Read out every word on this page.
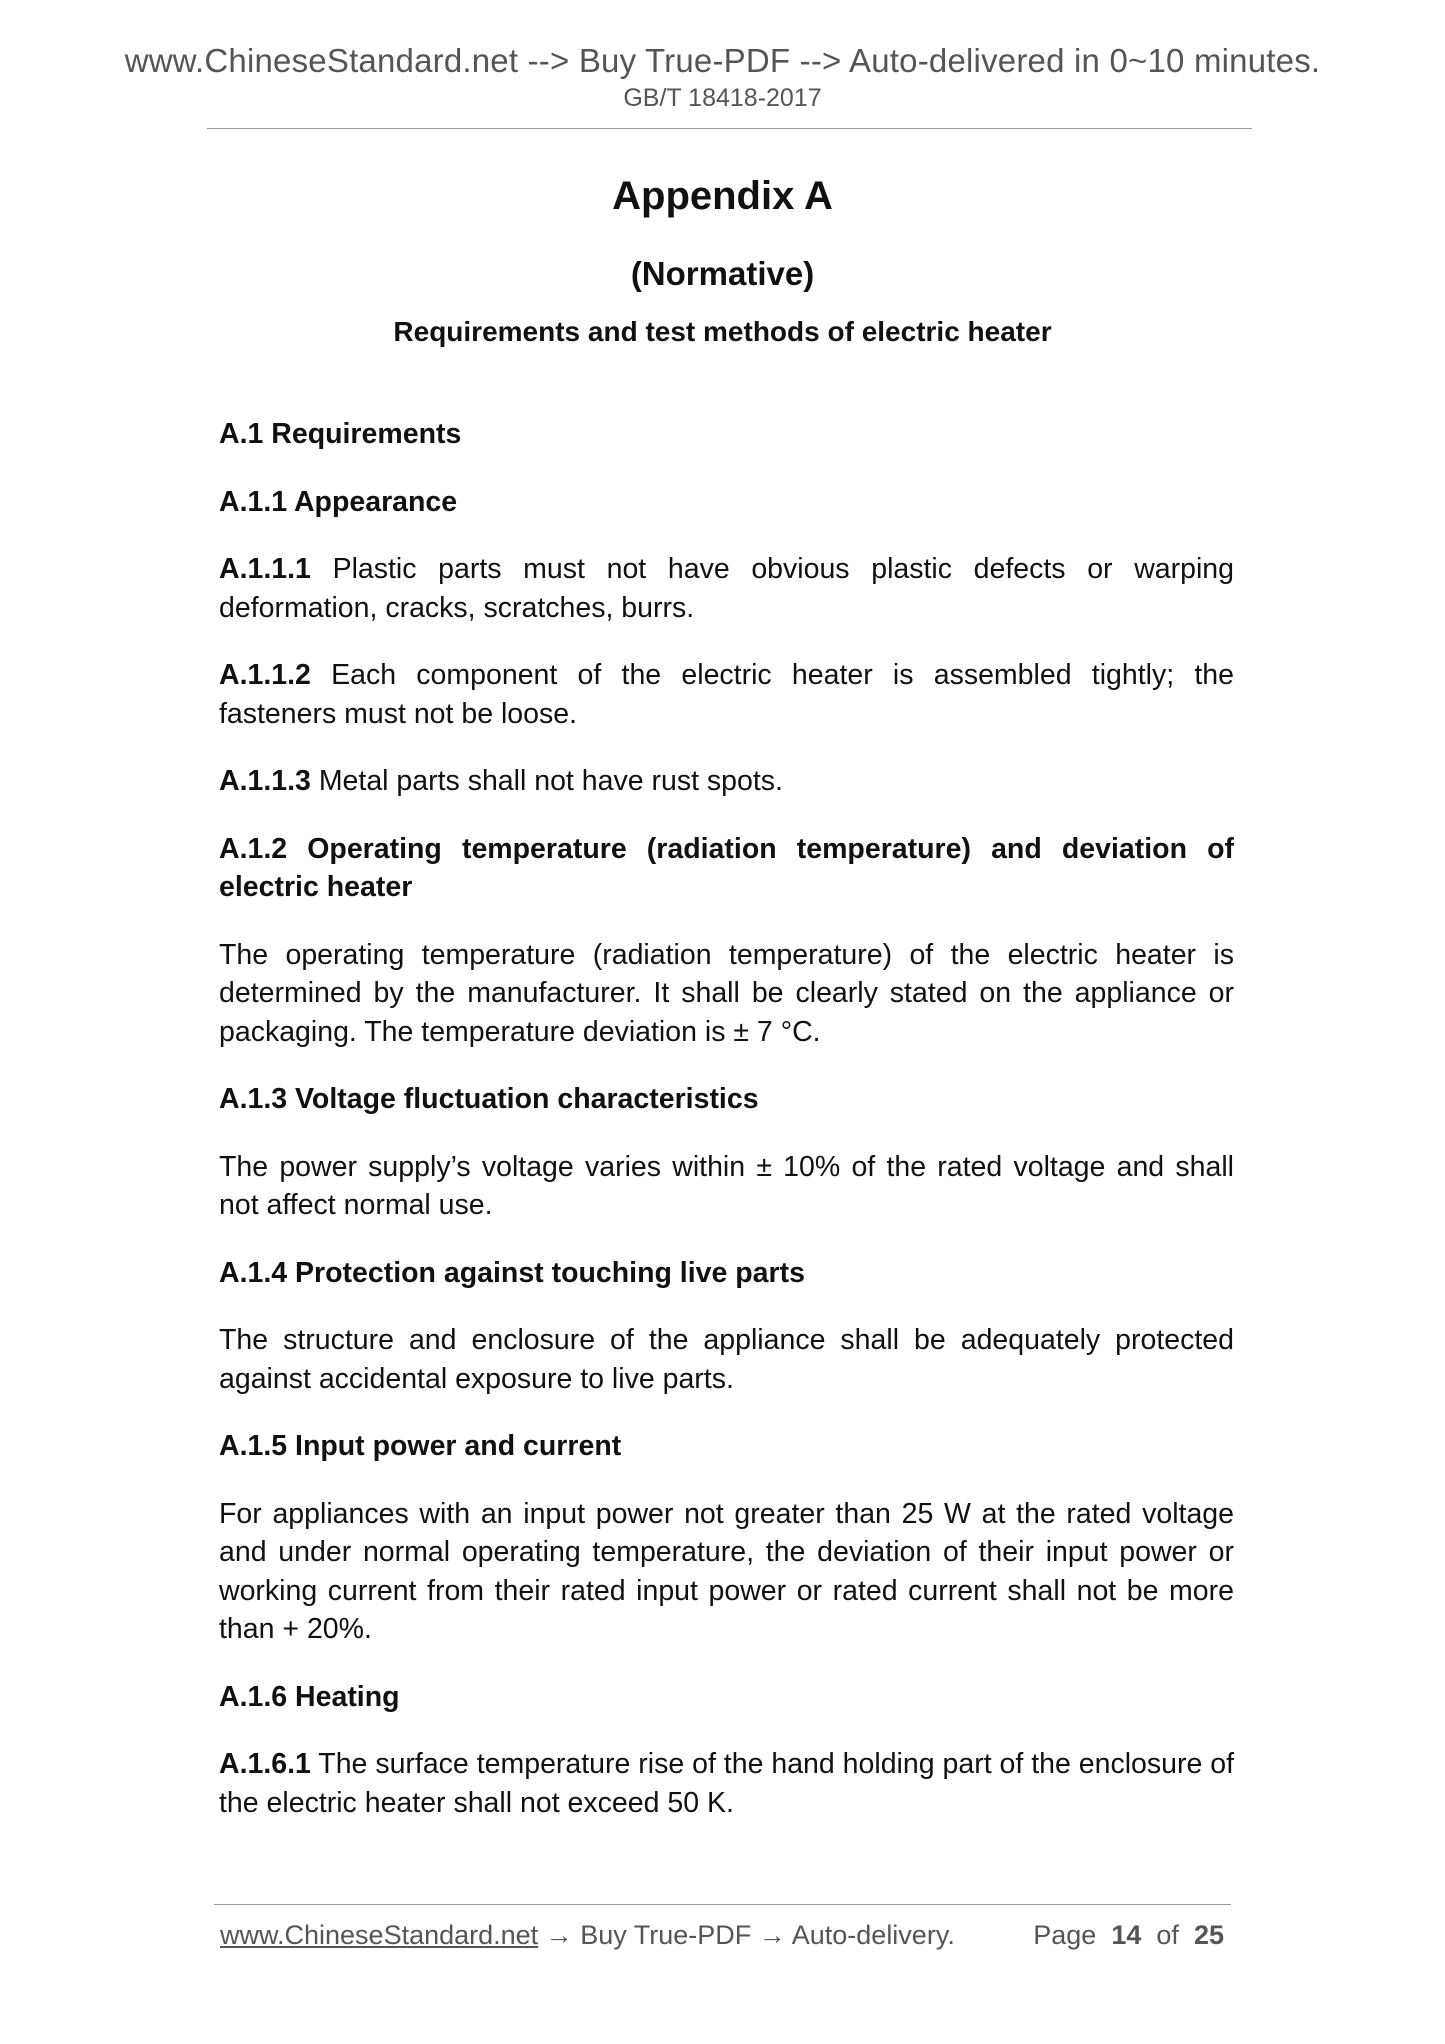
www.ChineseStandard.net --> Buy True-PDF --> Auto-delivered in 0~10 minutes.
GB/T 18418-2017
Appendix A
(Normative)
Requirements and test methods of electric heater

A.1 Requirements

A.1.1 Appearance

A.1.1.1 Plastic parts must not have obvious plastic defects or warping deformation, cracks, scratches, burrs.

A.1.1.2 Each component of the electric heater is assembled tightly; the fasteners must not be loose.

A.1.1.3 Metal parts shall not have rust spots.

A.1.2 Operating temperature (radiation temperature) and deviation of electric heater

The operating temperature (radiation temperature) of the electric heater is determined by the manufacturer. It shall be clearly stated on the appliance or packaging. The temperature deviation is ± 7 °C.

A.1.3 Voltage fluctuation characteristics

The power supply’s voltage varies within ± 10% of the rated voltage and shall not affect normal use.

A.1.4 Protection against touching live parts

The structure and enclosure of the appliance shall be adequately protected against accidental exposure to live parts.

A.1.5 Input power and current

For appliances with an input power not greater than 25 W at the rated voltage and under normal operating temperature, the deviation of their input power or working current from their rated input power or rated current shall not be more than + 20%.

A.1.6 Heating

A.1.6.1 The surface temperature rise of the hand holding part of the enclosure of the electric heater shall not exceed 50 K.

www.ChineseStandard.net → Buy True-PDF → Auto-delivery.	Page 14 of 25
